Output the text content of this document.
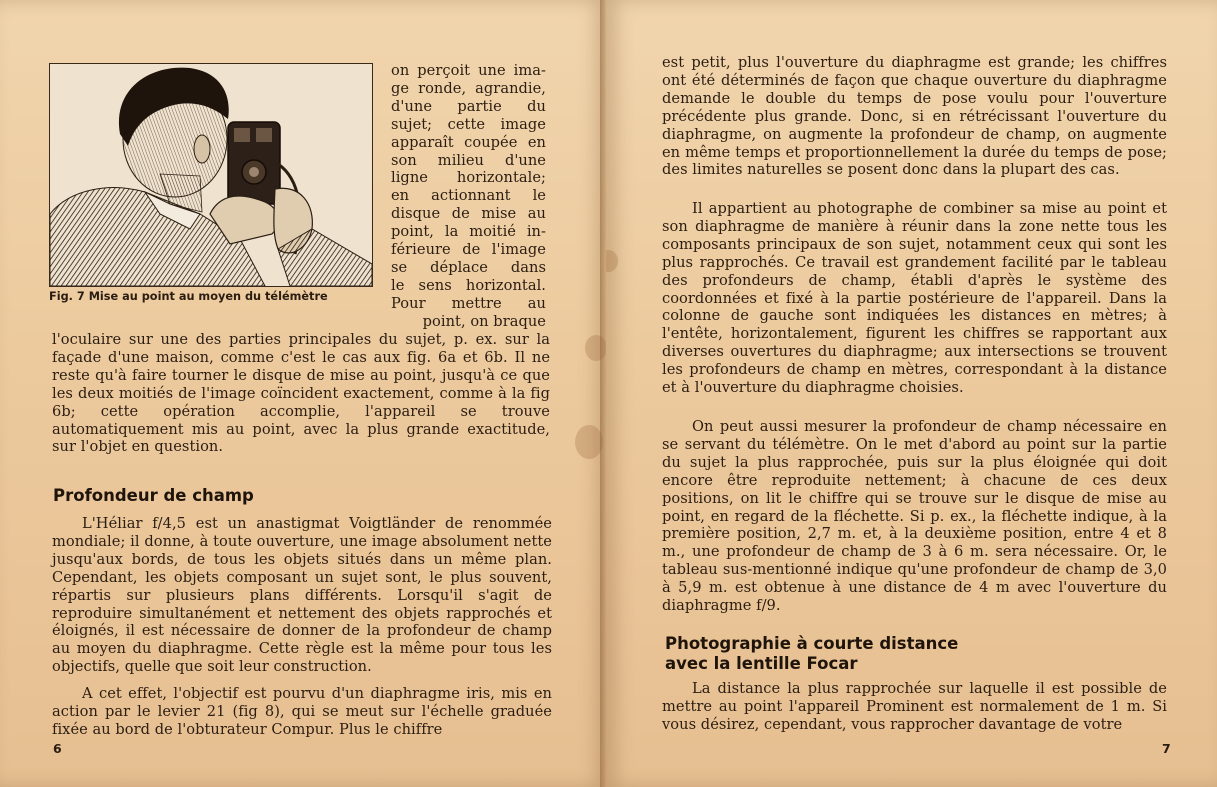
Fig. 7 Mise au point au moyen du télémètre
on perçoit une ima-
ge ronde, agrandie,
d'une partie du
sujet; cette image
apparaît coupée en
son milieu d'une
ligne horizontale;
en actionnant le
disque de mise au
point, la moitié in-
férieure de l'image
se déplace dans
le sens horizontal.
Pour mettre au
point, on braque

l'oculaire sur une des parties principales du sujet, p. ex. sur la façade d'une maison, comme c'est le cas aux fig. 6a et 6b. Il ne reste qu'à faire tourner le disque de mise au point, jusqu'à ce que les deux moitiés de l'image coïncident exactement, comme à la fig 6b; cette opération accomplie, l'appareil se trouve automatiquement mis au point, avec la plus grande exactitude, sur l'objet en question.

Profondeur de champ

L'Héliar f/4,5 est un anastigmat Voigtländer de renommée mondiale; il donne, à toute ouverture, une image absolument nette jusqu'aux bords, de tous les objets situés dans un même plan. Cependant, les objets composant un sujet sont, le plus souvent, répartis sur plusieurs plans différents. Lorsqu'il s'agit de reproduire simultanément et nettement des objets rapprochés et éloignés, il est nécessaire de donner de la profondeur de champ au moyen du diaphragme. Cette règle est la même pour tous les objectifs, quelle que soit leur construction.

A cet effet, l'objectif est pourvu d'un diaphragme iris, mis en action par le levier 21 (fig 8), qui se meut sur l'échelle graduée fixée au bord de l'obturateur Compur. Plus le chiffre

6

est petit, plus l'ouverture du diaphragme est grande; les chiffres ont été déterminés de façon que chaque ouverture du diaphragme demande le double du temps de pose voulu pour l'ouverture précédente plus grande. Donc, si en rétrécissant l'ouverture du diaphragme, on augmente la profondeur de champ, on augmente en même temps et proportionnellement la durée du temps de pose; des limites naturelles se posent donc dans la plupart des cas.

Il appartient au photographe de combiner sa mise au point et son diaphragme de manière à réunir dans la zone nette tous les composants principaux de son sujet, notamment ceux qui sont les plus rapprochés. Ce travail est grandement facilité par le tableau des profondeurs de champ, établi d'après le système des coordonnées et fixé à la partie postérieure de l'appareil. Dans la colonne de gauche sont indiquées les distances en mètres; à l'entête, horizontalement, figurent les chiffres se rapportant aux diverses ouvertures du diaphragme; aux intersections se trouvent les profondeurs de champ en mètres, correspondant à la distance et à l'ouverture du diaphragme choisies.

On peut aussi mesurer la profondeur de champ nécessaire en se servant du télémètre. On le met d'abord au point sur la partie du sujet la plus rapprochée, puis sur la plus éloignée qui doit encore être reproduite nettement; à chacune de ces deux positions, on lit le chiffre qui se trouve sur le disque de mise au point, en regard de la fléchette. Si p. ex., la fléchette indique, à la première position, 2,7 m. et, à la deuxième position, entre 4 et 8 m., une profondeur de champ de 3 à 6 m. sera nécessaire. Or, le tableau sus-mentionné indique qu'une profondeur de champ de 3,0 à 5,9 m. est obtenue à une distance de 4 m avec l'ouverture du diaphragme f/9.

Photographie à courte distance
avec la lentille Focar

La distance la plus rapprochée sur laquelle il est possible de mettre au point l'appareil Prominent est normalement de 1 m. Si vous désirez, cependant, vous rapprocher davantage de votre

7
